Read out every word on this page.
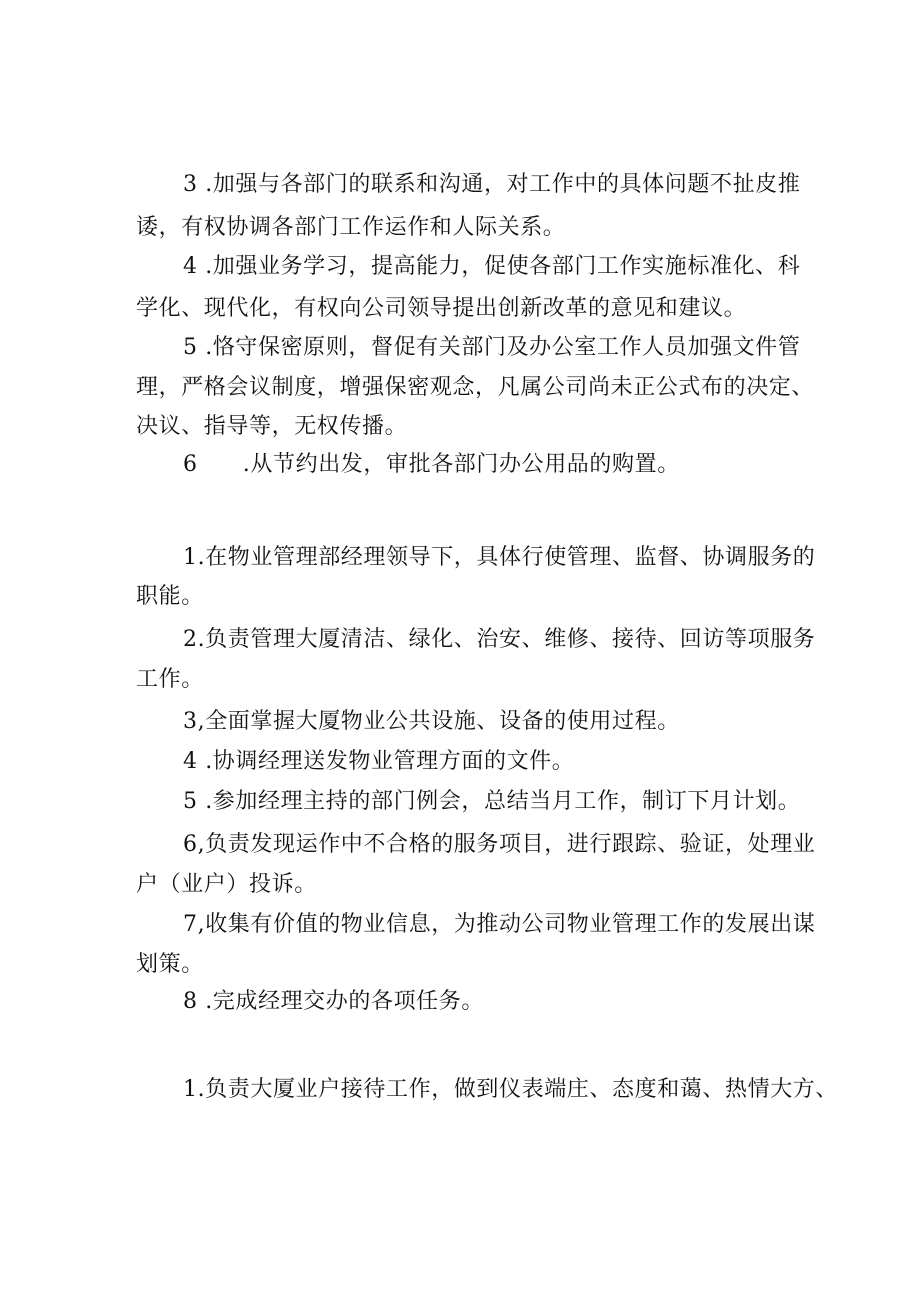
3 .加强与各部门的联系和沟通，对工作中的具体问题不扯皮推
诿，有权协调各部门工作运作和人际关系。
4 .加强业务学习，提高能力，促使各部门工作实施标准化、科
学化、现代化，有权向公司领导提出创新改革的意见和建议。
5 .恪守保密原则，督促有关部门及办公室工作人员加强文件管
理，严格会议制度，增强保密观念，凡属公司尚未正公式布的决定、
决议、指导等，无权传播。
6　　.从节约出发，审批各部门办公用品的购置。
1.在物业管理部经理领导下，具体行使管理、监督、协调服务的
职能。
2.负责管理大厦清洁、绿化、治安、维修、接待、回访等项服务
工作。
3,全面掌握大厦物业公共设施、设备的使用过程。
4 .协调经理送发物业管理方面的文件。
5 .参加经理主持的部门例会，总结当月工作，制订下月计划。
6,负责发现运作中不合格的服务项目，进行跟踪、验证，处理业
户（业户）投诉。
7,收集有价值的物业信息，为推动公司物业管理工作的发展出谋
划策。
8 .完成经理交办的各项任务。
1.负责大厦业户接待工作，做到仪表端庄、态度和蔼、热情大方、
